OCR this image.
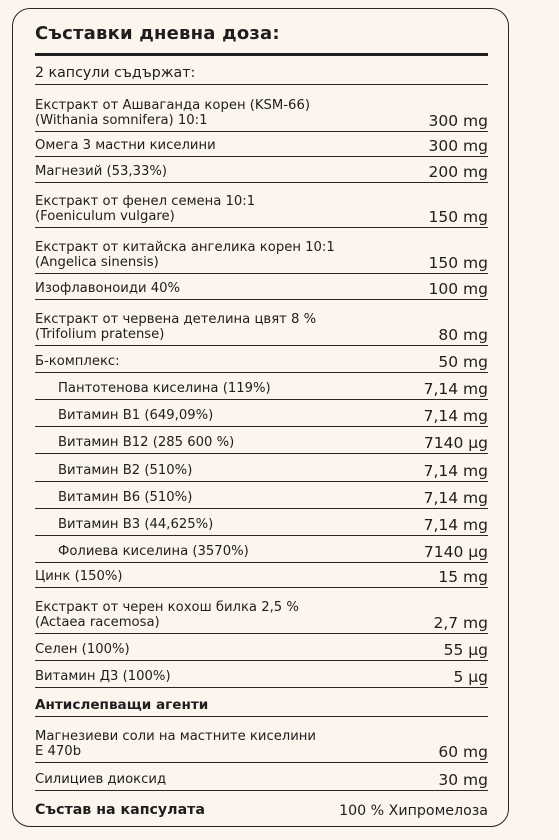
Съставки дневна доза:
2 капсули съдържат:
Екстракт от Ашваганда корен (KSM-66)
(Withania somnifera) 10:1	300 mg
Омега 3 мастни киселини	300 mg
Магнезий (53,33%)	200 mg
Екстракт от фенел семена 10:1
(Foeniculum vulgare)	150 mg
Екстракт от китайска ангелика корен 10:1
(Angelica sinensis)	150 mg
Изофлавоноиди 40%	100 mg
Екстракт от червена детелина цвят 8 %
(Trifolium pratense)	80 mg
Б-комплекс:	50 mg
Пантотенова киселина (119%)	7,14 mg
Витамин B1 (649,09%)	7,14 mg
Витамин B12 (285 600 %)	7140 µg
Витамин B2 (510%)	7,14 mg
Витамин B6 (510%)	7,14 mg
Витамин B3 (44,625%)	7,14 mg
Фолиева киселина (3570%)	7140 µg
Цинк (150%)	15 mg
Екстракт от черен кохош билка 2,5 %
(Actaea racemosa)	2,7 mg
Селен (100%)	55 µg
Витамин Д3 (100%)	5 µg
Антислепващи агенти
Магнезиеви соли на мастните киселини
E 470b	60 mg
Силициев диоксид	30 mg
Състав на капсулата	100 % Хипромелоза
